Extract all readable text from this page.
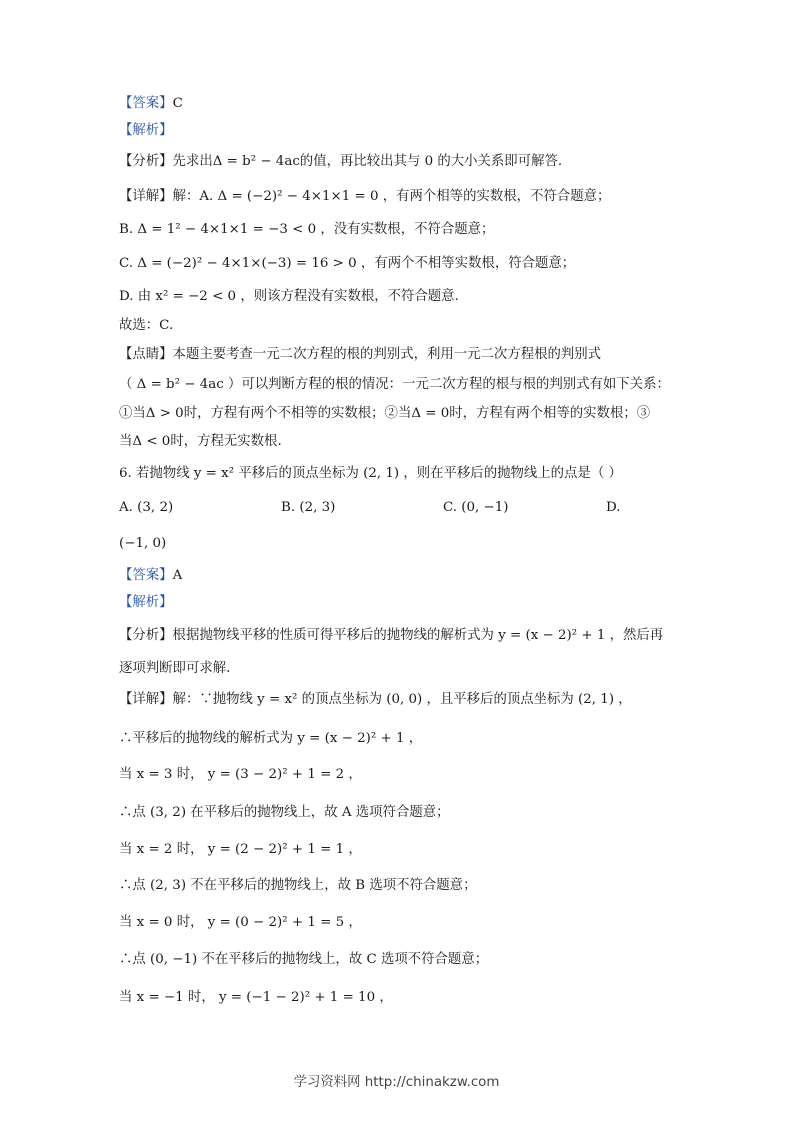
【答案】C
【解析】
【分析】先求出Δ = b² − 4ac的值，再比较出其与 0 的大小关系即可解答.
【详解】解：A. Δ = (−2)² − 4×1×1 = 0 ，有两个相等的实数根，不符合题意；
B. Δ = 1² − 4×1×1 = −3 < 0 ，没有实数根，不符合题意；
C. Δ = (−2)² − 4×1×(−3) = 16 > 0 ，有两个不相等实数根，符合题意；
D. 由 x² = −2 < 0 ，则该方程没有实数根，不符合题意.
故选：C.
【点睛】本题主要考查一元二次方程的根的判别式，利用一元二次方程根的判别式
（ Δ = b² − 4ac ）可以判断方程的根的情况：一元二次方程的根与根的判别式有如下关系：
①当Δ > 0时，方程有两个不相等的实数根；②当Δ = 0时，方程有两个相等的实数根；③
当Δ < 0时，方程无实数根.
6. 若抛物线 y = x² 平移后的顶点坐标为 (2, 1) ，则在平移后的抛物线上的点是（ ）
A. (3, 2)	B. (2, 3)	C. (0, −1)	D.
(−1, 0)
【答案】A
【解析】
【分析】根据抛物线平移的性质可得平移后的抛物线的解析式为 y = (x − 2)² + 1 ，然后再
逐项判断即可求解.
【详解】解：∵抛物线 y = x² 的顶点坐标为 (0, 0) ，且平移后的顶点坐标为 (2, 1) ，
∴平移后的抛物线的解析式为 y = (x − 2)² + 1 ，
当 x = 3 时， y = (3 − 2)² + 1 = 2 ，
∴点 (3, 2) 在平移后的抛物线上，故 A 选项符合题意；
当 x = 2 时， y = (2 − 2)² + 1 = 1 ，
∴点 (2, 3) 不在平移后的抛物线上，故 B 选项不符合题意；
当 x = 0 时， y = (0 − 2)² + 1 = 5 ，
∴点 (0, −1) 不在平移后的抛物线上，故 C 选项不符合题意；
当 x = −1 时， y = (−1 − 2)² + 1 = 10 ，
学习资料网 http://chinakzw.com
